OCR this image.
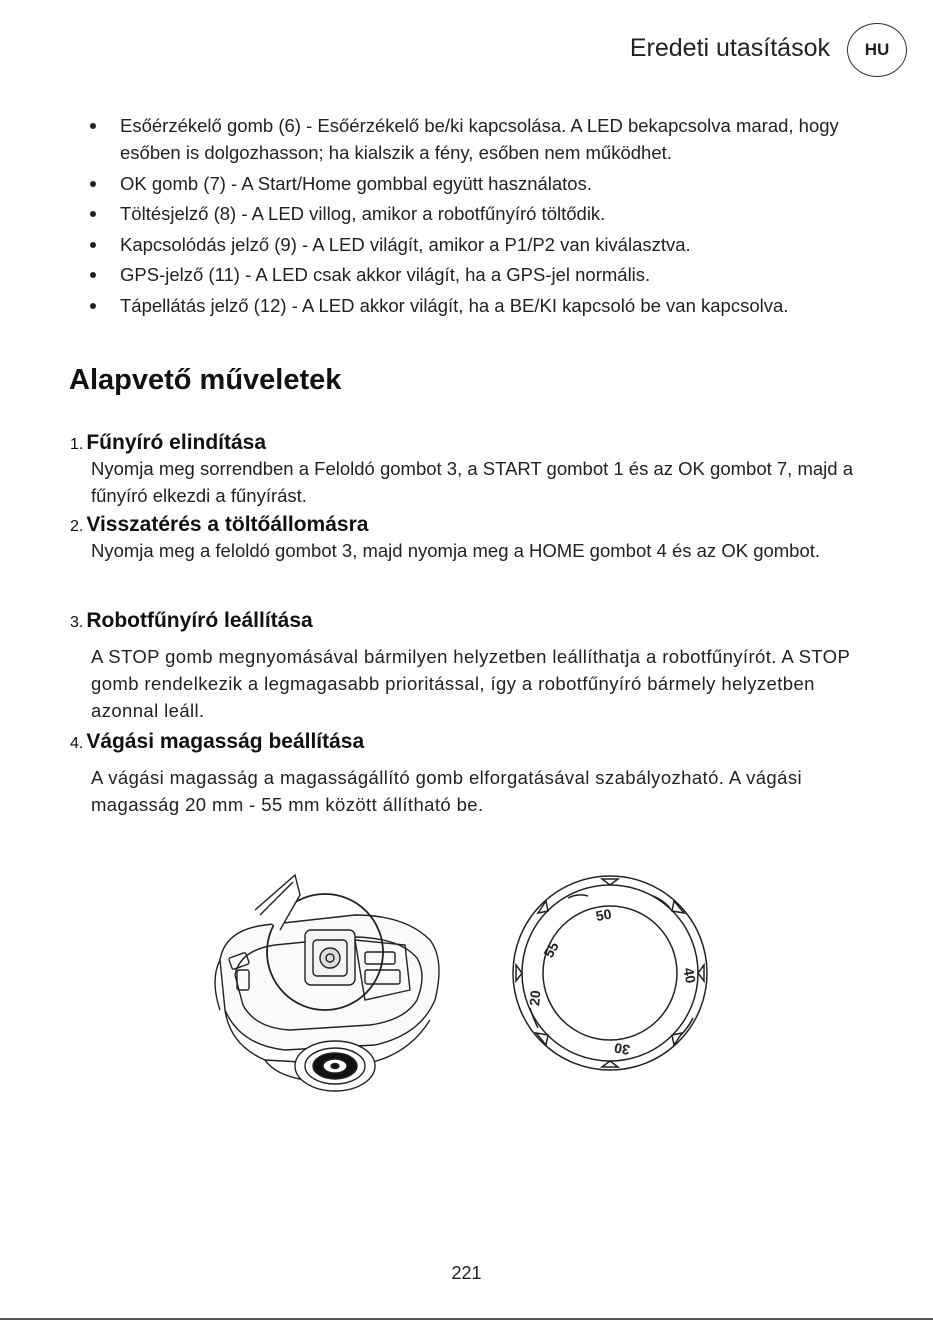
Eredeti utasítások	HU
Esőérzékelő gomb (6) - Esőérzékelő be/ki kapcsolása. A LED bekapcsolva marad, hogy esőben is dolgozhasson; ha kialszik a fény, esőben nem működhet.
OK gomb (7) - A Start/Home gombbal együtt használatos.
Töltésjelző (8) - A LED villog, amikor a robotfűnyíró töltődik.
Kapcsolódás jelző (9) - A LED világít, amikor a P1/P2 van kiválasztva.
GPS-jelző (11) - A LED csak akkor világít, ha a GPS-jel normális.
Tápellátás jelző (12) - A LED akkor világít, ha a BE/KI kapcsoló be van kapcsolva.
Alapvető műveletek
1. Fűnyíró elindítása

Nyomja meg sorrendben a Feloldó gombot 3, a START gombot 1 és az OK gombot 7, majd a fűnyíró elkezdi a fűnyírást.

2. Visszatérés a töltőállomásra

Nyomja meg a feloldó gombot 3, majd nyomja meg a HOME gombot 4 és az OK gombot.

3. Robotfűnyíró leállítása

A STOP gomb megnyomásával bármilyen helyzetben leállíthatja a robotfűnyírót. A STOP gomb rendelkezik a legmagasabb prioritással, így a robotfűnyíró bármely helyzetben azonnal leáll.

4. Vágási magasság beállítása

A vágási magasság a magasságállító gomb elforgatásával szabályozható. A vágási magasság 20 mm - 55 mm között állítható be.

50
40
30
20
55
221
